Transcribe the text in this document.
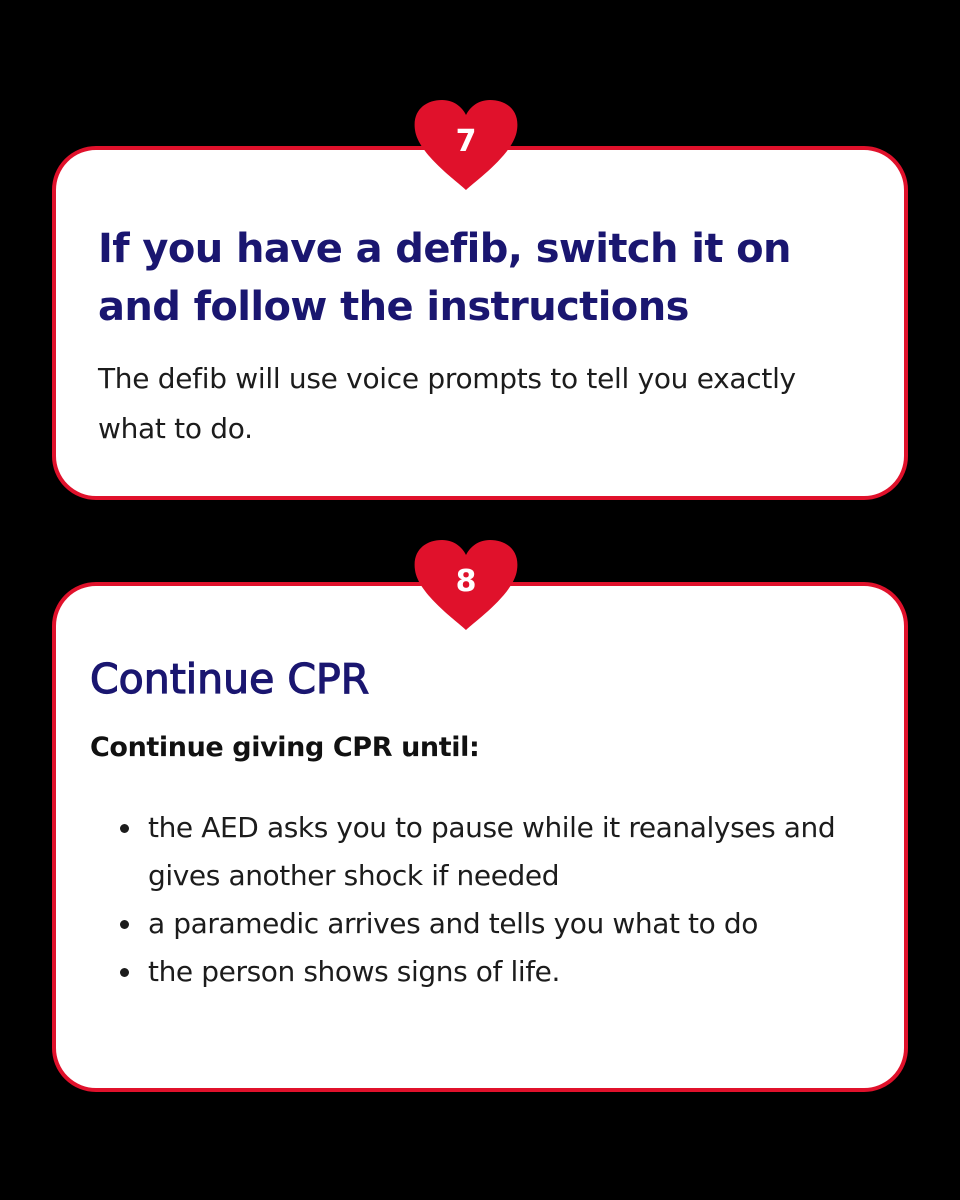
If you have a defib, switch it on and follow the instructions

The defib will use voice prompts to tell you exactly what to do.

7
Continue CPR

Continue giving CPR until:

the AED asks you to pause while it reanalyses and gives another shock if needed
a paramedic arrives and tells you what to do
the person shows signs of life.
8
